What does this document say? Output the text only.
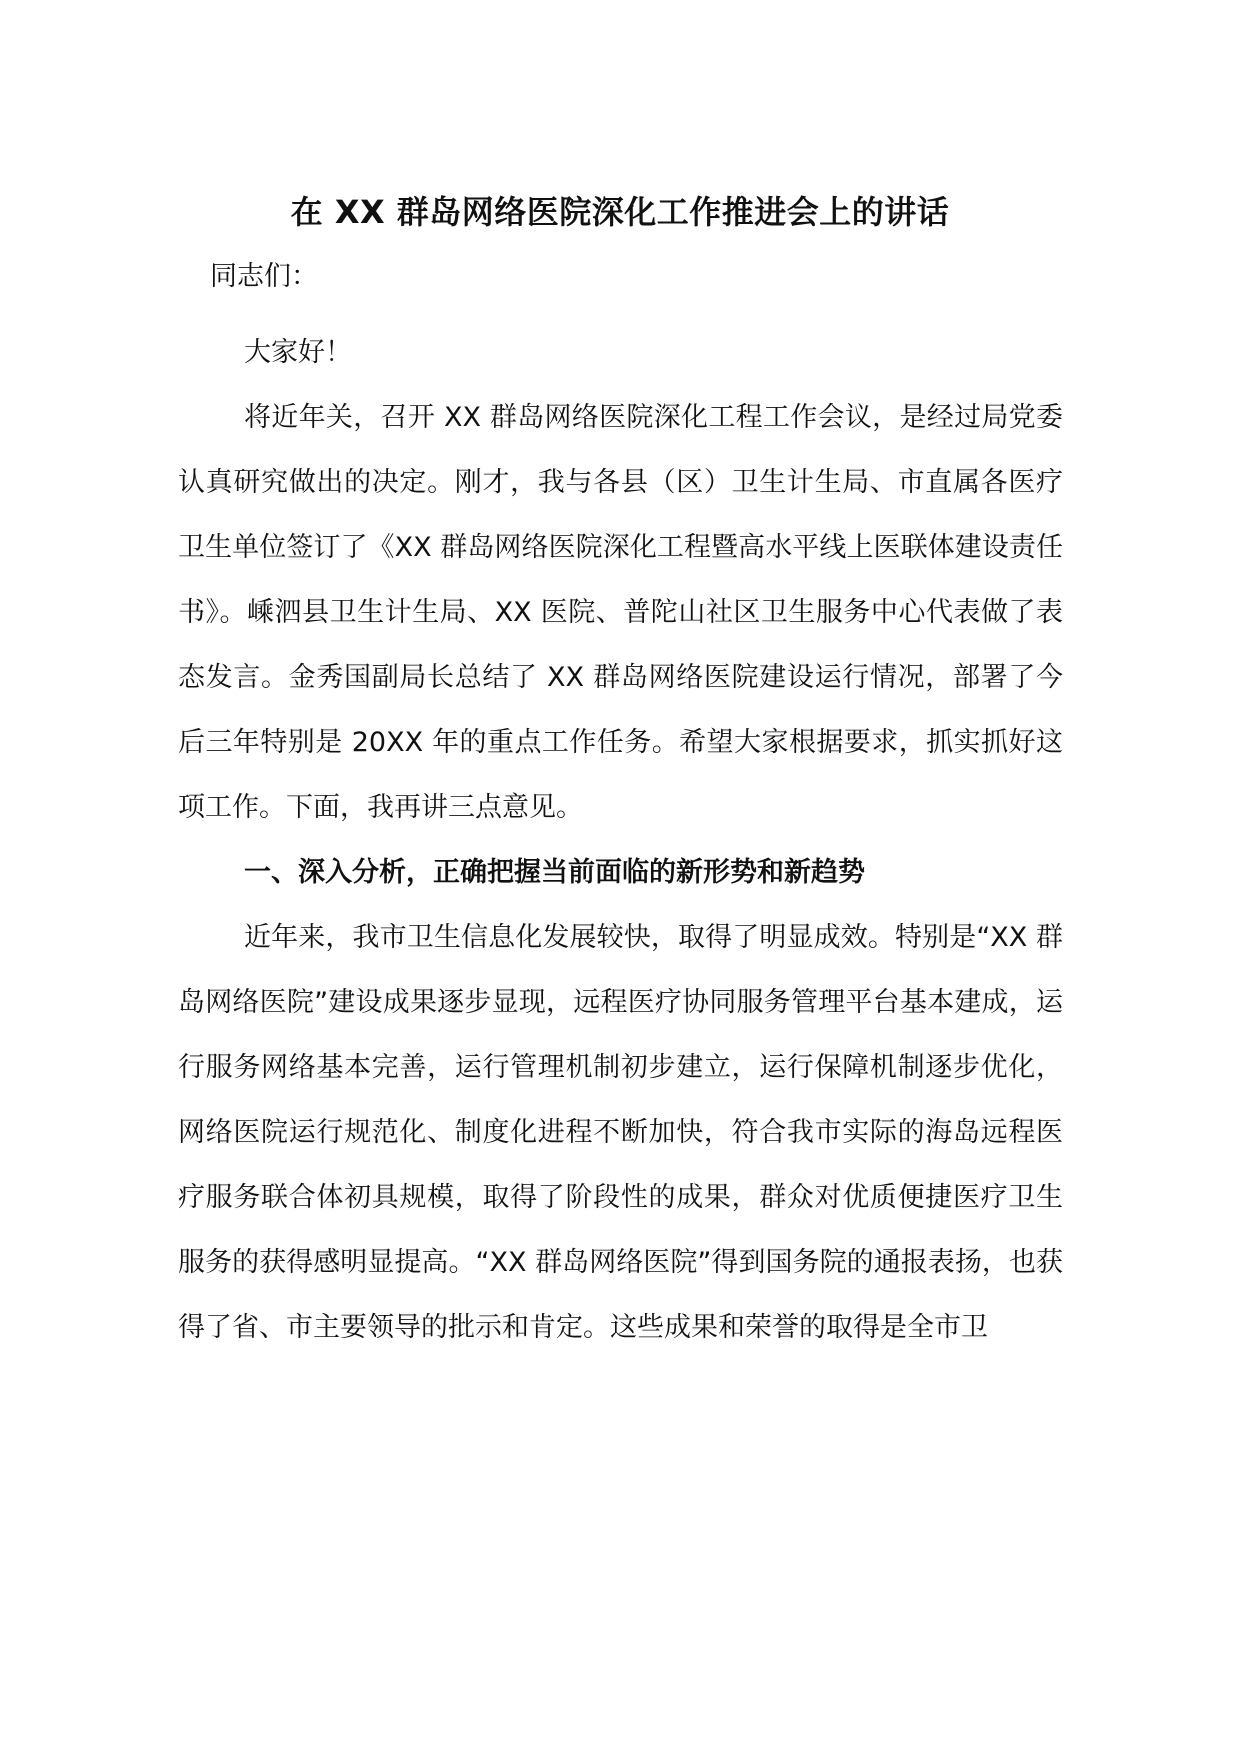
在 XX 群岛网络医院深化工作推进会上的讲话

同志们：

大家好！

将近年关，召开 XX 群岛网络医院深化工程工作会议，是经过局党委认真研究做出的决定。刚才，我与各县（区）卫生计生局、市直属各医疗卫生单位签订了《XX 群岛网络医院深化工程暨高水平线上医联体建设责任书》。嵊泗县卫生计生局、XX 医院、普陀山社区卫生服务中心代表做了表态发言。金秀国副局长总结了 XX 群岛网络医院建设运行情况，部署了今后三年特别是 20XX 年的重点工作任务。希望大家根据要求，抓实抓好这项工作。下面，我再讲三点意见。

一、深入分析，正确把握当前面临的新形势和新趋势

近年来，我市卫生信息化发展较快，取得了明显成效。特别是“XX 群岛网络医院”建设成果逐步显现，远程医疗协同服务管理平台基本建成，运行服务网络基本完善，运行管理机制初步建立，运行保障机制逐步优化，网络医院运行规范化、制度化进程不断加快，符合我市实际的海岛远程医疗服务联合体初具规模，取得了阶段性的成果，群众对优质便捷医疗卫生服务的获得感明显提高。“XX 群岛网络医院”得到国务院的通报表扬，也获得了省、市主要领导的批示和肯定。这些成果和荣誉的取得是全市卫
